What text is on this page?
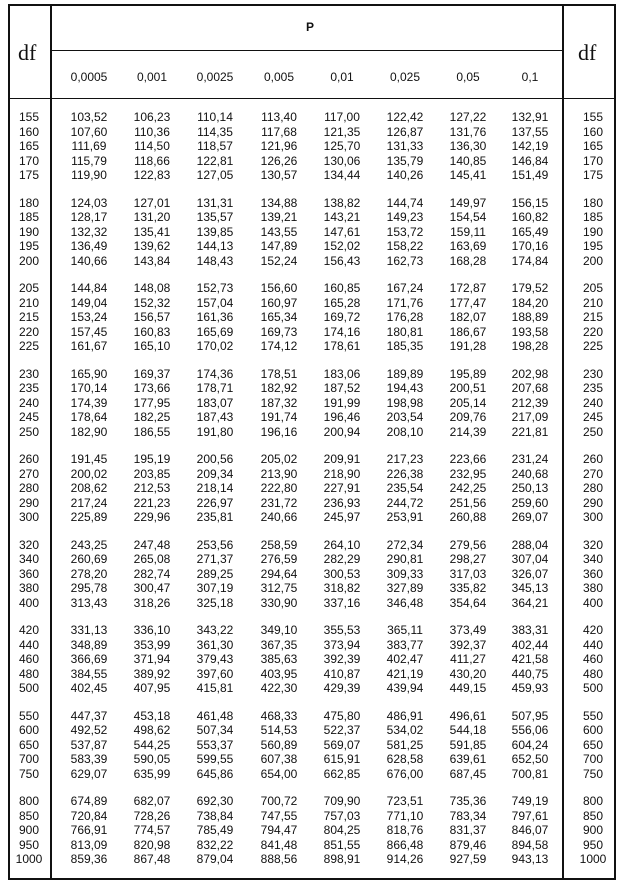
df	df
P
0,0005	0,001	0,0025	0,005	0,01	0,025	0,05	0,1
155	103,52	106,23	110,14	113,40	117,00	122,42	127,22	132,91	155
160	107,60	110,36	114,35	117,68	121,35	126,87	131,76	137,55	160
165	111,69	114,50	118,57	121,96	125,70	131,33	136,30	142,19	165
170	115,79	118,66	122,81	126,26	130,06	135,79	140,85	146,84	170
175	119,90	122,83	127,05	130,57	134,44	140,26	145,41	151,49	175
180	124,03	127,01	131,31	134,88	138,82	144,74	149,97	156,15	180
185	128,17	131,20	135,57	139,21	143,21	149,23	154,54	160,82	185
190	132,32	135,41	139,85	143,55	147,61	153,72	159,11	165,49	190
195	136,49	139,62	144,13	147,89	152,02	158,22	163,69	170,16	195
200	140,66	143,84	148,43	152,24	156,43	162,73	168,28	174,84	200
205	144,84	148,08	152,73	156,60	160,85	167,24	172,87	179,52	205
210	149,04	152,32	157,04	160,97	165,28	171,76	177,47	184,20	210
215	153,24	156,57	161,36	165,34	169,72	176,28	182,07	188,89	215
220	157,45	160,83	165,69	169,73	174,16	180,81	186,67	193,58	220
225	161,67	165,10	170,02	174,12	178,61	185,35	191,28	198,28	225
230	165,90	169,37	174,36	178,51	183,06	189,89	195,89	202,98	230
235	170,14	173,66	178,71	182,92	187,52	194,43	200,51	207,68	235
240	174,39	177,95	183,07	187,32	191,99	198,98	205,14	212,39	240
245	178,64	182,25	187,43	191,74	196,46	203,54	209,76	217,09	245
250	182,90	186,55	191,80	196,16	200,94	208,10	214,39	221,81	250
260	191,45	195,19	200,56	205,02	209,91	217,23	223,66	231,24	260
270	200,02	203,85	209,34	213,90	218,90	226,38	232,95	240,68	270
280	208,62	212,53	218,14	222,80	227,91	235,54	242,25	250,13	280
290	217,24	221,23	226,97	231,72	236,93	244,72	251,56	259,60	290
300	225,89	229,96	235,81	240,66	245,97	253,91	260,88	269,07	300
320	243,25	247,48	253,56	258,59	264,10	272,34	279,56	288,04	320
340	260,69	265,08	271,37	276,59	282,29	290,81	298,27	307,04	340
360	278,20	282,74	289,25	294,64	300,53	309,33	317,03	326,07	360
380	295,78	300,47	307,19	312,75	318,82	327,89	335,82	345,13	380
400	313,43	318,26	325,18	330,90	337,16	346,48	354,64	364,21	400
420	331,13	336,10	343,22	349,10	355,53	365,11	373,49	383,31	420
440	348,89	353,99	361,30	367,35	373,94	383,77	392,37	402,44	440
460	366,69	371,94	379,43	385,63	392,39	402,47	411,27	421,58	460
480	384,55	389,92	397,60	403,95	410,87	421,19	430,20	440,75	480
500	402,45	407,95	415,81	422,30	429,39	439,94	449,15	459,93	500
550	447,37	453,18	461,48	468,33	475,80	486,91	496,61	507,95	550
600	492,52	498,62	507,34	514,53	522,37	534,02	544,18	556,06	600
650	537,87	544,25	553,37	560,89	569,07	581,25	591,85	604,24	650
700	583,39	590,05	599,55	607,38	615,91	628,58	639,61	652,50	700
750	629,07	635,99	645,86	654,00	662,85	676,00	687,45	700,81	750
800	674,89	682,07	692,30	700,72	709,90	723,51	735,36	749,19	800
850	720,84	728,26	738,84	747,55	757,03	771,10	783,34	797,61	850
900	766,91	774,57	785,49	794,47	804,25	818,76	831,37	846,07	900
950	813,09	820,98	832,22	841,48	851,55	866,48	879,46	894,58	950
1000	859,36	867,48	879,04	888,56	898,91	914,26	927,59	943,13	1000
